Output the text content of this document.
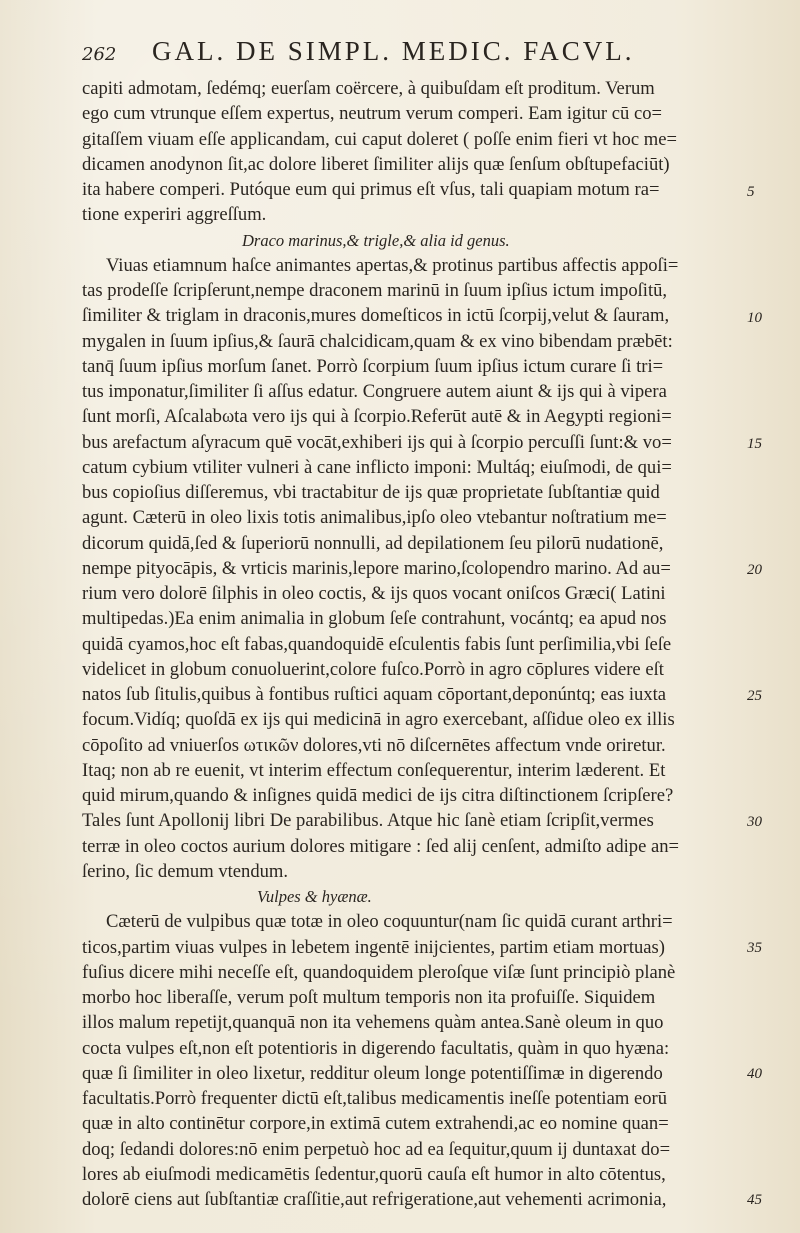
262	GAL. DE SIMPL. MEDIC. FACVL.
capiti admotam, ſedémq; euerſam coërcere, à quibuſdam eſt proditum. Verum
ego cum vtrunque eſſem expertus, neutrum verum comperi. Eam igitur cū co=
gitaſſem viuam eſſe applicandam, cui caput doleret ( poſſe enim fieri vt hoc me=
dicamen anodynon ſit,ac dolore liberet ſimiliter alijs quæ ſenſum obſtupefaciūt)
ita habere comperi. Putóque eum qui primus eſt vſus, tali quapiam motum ra=
tione experiri aggreſſum.
Draco marinus,& trigle,& alia id genus.
Viuas etiamnum haſce animantes apertas,& protinus partibus affectis appoſi=
tas prodeſſe ſcripſerunt,nempe draconem marinū in ſuum ipſius ictum impoſitū,
ſimiliter & triglam in draconis,mures domeſticos in ictū ſcorpij,velut & ſauram,
mygalen in ſuum ipſius,& ſaurā chalcidicam,quam & ex vino bibendam præbēt:
tanq̄ ſuum ipſius morſum ſanet. Porrò ſcorpium ſuum ipſius ictum curare ſi tri=
tus imponatur,ſimiliter ſi aſſus edatur. Congruere autem aiunt & ijs qui à vipera
ſunt morſi, Aſcalabωta vero ijs qui à ſcorpio.Referūt autē & in Aegypti regioni=
bus arefactum aſyracum quē vocāt,exhiberi ijs qui à ſcorpio percuſſi ſunt:& vo=
catum cybium vtiliter vulneri à cane inflicto imponi: Multáq; eiuſmodi, de qui=
bus copioſius diſſeremus, vbi tractabitur de ijs quæ proprietate ſubſtantiæ quid
agunt. Cæterū in oleo lixis totis animalibus,ipſo oleo vtebantur noſtratium me=
dicorum quidā,ſed & ſuperiorū nonnulli, ad depilationem ſeu pilorū nudationē,
nempe pityocāpis, & vrticis marinis,lepore marino,ſcolopendro marino. Ad au=
rium vero dolorē ſilphis in oleo coctis, & ijs quos vocant oniſcos Græci( Latini
multipedas.)Ea enim animalia in globum ſeſe contrahunt, vocántq; ea apud nos
quidā cyamos,hoc eſt fabas,quandoquidē eſculentis fabis ſunt perſimilia,vbi ſeſe
videlicet in globum conuoluerint,colore fuſco.Porrò in agro cōplures videre eſt
natos ſub ſitulis,quibus à fontibus ruſtici aquam cōportant,deponúntq; eas iuxta
focum.Vidíq; quoſdā ex ijs qui medicinā in agro exercebant, aſſidue oleo ex illis
cōpoſito ad vniuerſos ωτικῶν dolores,vti nō diſcernētes affectum vnde oriretur.
Itaq; non ab re euenit, vt interim effectum conſequerentur, interim læderent. Et
quid mirum,quando & inſignes quidā medici de ijs citra diſtinctionem ſcripſere?
Tales ſunt Apollonij libri De parabilibus. Atque hic ſanè etiam ſcripſit,vermes
terræ in oleo coctos aurium dolores mitigare : ſed alij cenſent, admiſto adipe an=
ſerino, ſic demum vtendum.
Vulpes & hyænæ.
Cæterū de vulpibus quæ totæ in oleo coquuntur(nam ſic quidā curant arthri=
ticos,partim viuas vulpes in lebetem ingentē inijcientes, partim etiam mortuas)
fuſius dicere mihi neceſſe eſt, quandoquidem pleroſque viſæ ſunt principiò planè
morbo hoc liberaſſe, verum poſt multum temporis non ita profuiſſe. Siquidem
illos malum repetijt,quanquā non ita vehemens quàm antea.Sanè oleum in quo
cocta vulpes eſt,non eſt potentioris in digerendo facultatis, quàm in quo hyæna:
quæ ſi ſimiliter in oleo lixetur, redditur oleum longe potentiſſimæ in digerendo
facultatis.Porrò frequenter dictū eſt,talibus medicamentis ineſſe potentiam eorū
quæ in alto continētur corpore,in extimā cutem extrahendi,ac eo nomine quan=
doq; ſedandi dolores:nō enim perpetuò hoc ad ea ſequitur,quum ij duntaxat do=
lores ab eiuſmodi medicamētis ſedentur,quorū cauſa eſt humor in alto cōtentus,
dolorē ciens aut ſubſtantiæ craſſitie,aut refrigeratione,aut vehementi acrimonia,
5
10
15
20
25
30
35
40
45
